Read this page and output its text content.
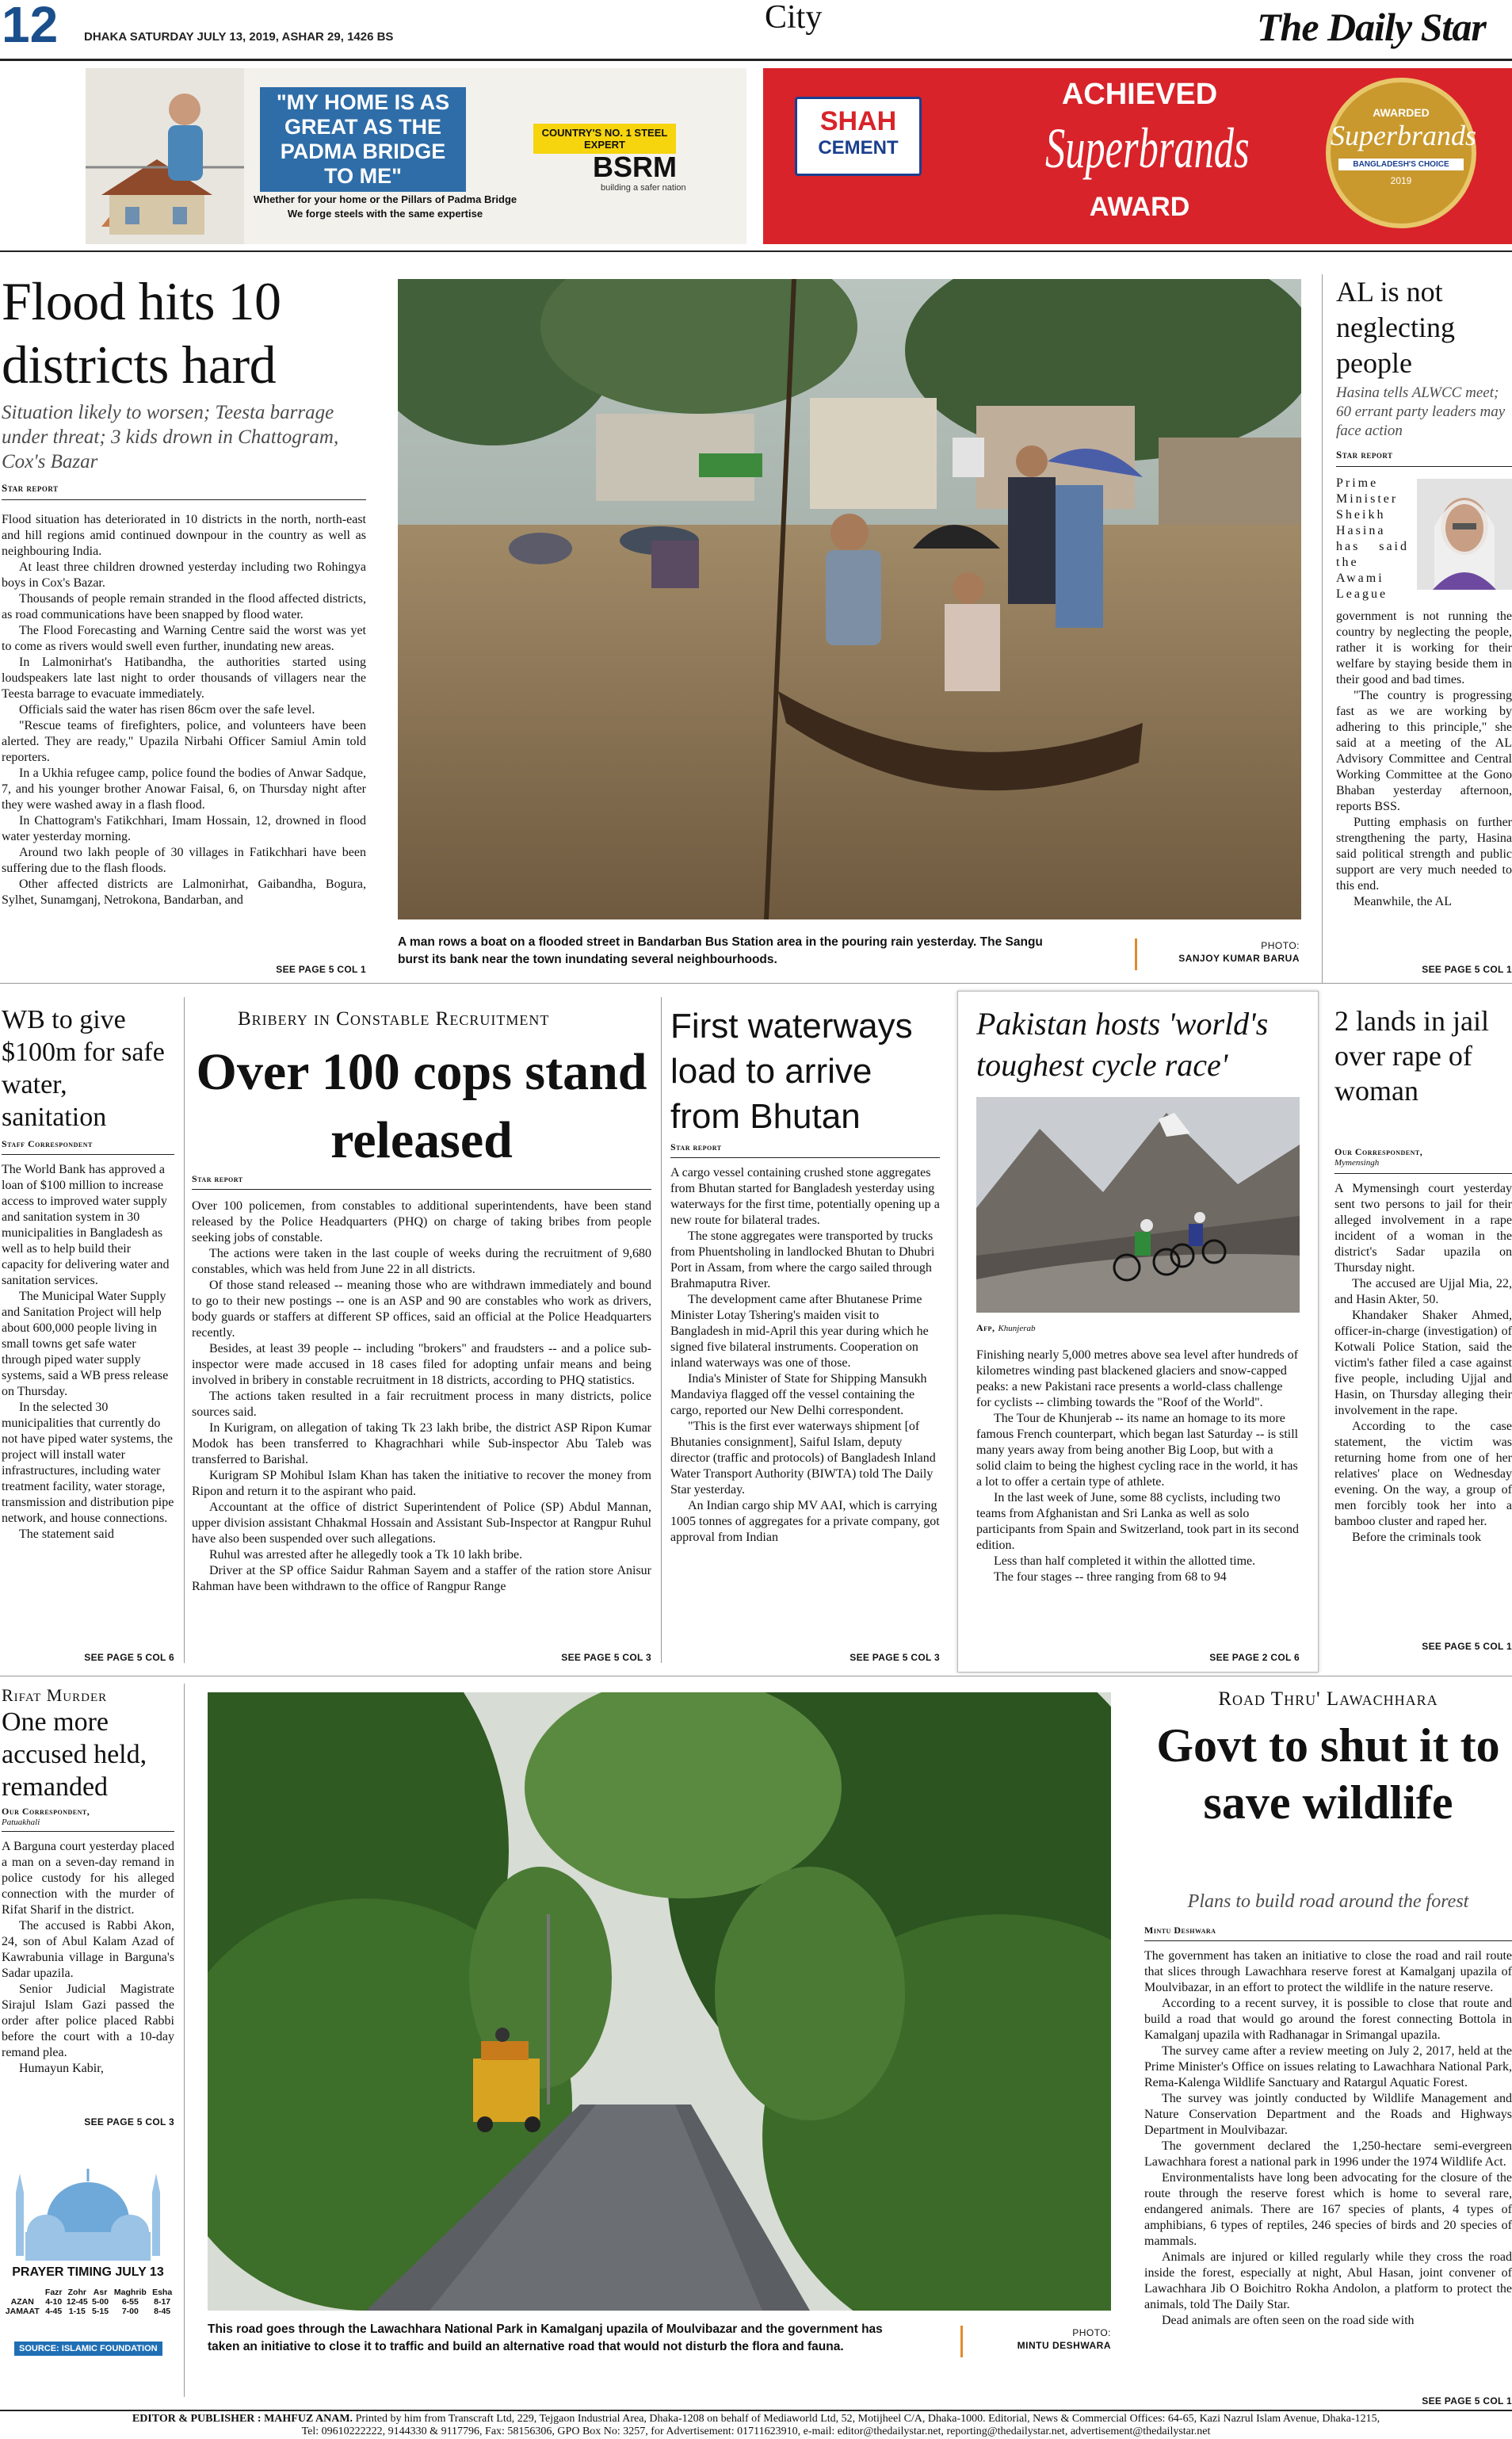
12 DHAKA SATURDAY JULY 13, 2019, ASHAR 29, 1426 BS
City	The Daily Star
"MY HOME IS AS GREAT AS THE PADMA BRIDGE TO ME"
COUNTRY'S NO. 1 STEEL EXPERT
BSRM
building a safer nation
Whether for your home or the Pillars of Padma Bridge
We forge steels with the same expertise
SHAH
CEMENT
ACHIEVED
Superbrands
AWARD
AWARDED
Superbrands
BANGLADESH'S CHOICE
2019
Flood hits 10 districts hard
Situation likely to worsen; Teesta barrage under threat; 3 kids drown in Chattogram, Cox's Bazar
Star report

Flood situation has deteriorated in 10 districts in the north, north-east and hill regions amid continued downpour in the country as well as neighbouring India.

At least three children drowned yesterday including two Rohingya boys in Cox's Bazar.

Thousands of people remain stranded in the flood affected districts, as road communications have been snapped by flood water.

The Flood Forecasting and Warning Centre said the worst was yet to come as rivers would swell even further, inundating new areas.

In Lalmonirhat's Hatibandha, the authorities started using loudspeakers late last night to order thousands of villagers near the Teesta barrage to evacuate immediately.

Officials said the water has risen 86cm over the safe level.

"Rescue teams of firefighters, police, and volunteers have been alerted. They are ready," Upazila Nirbahi Officer Samiul Amin told reporters.

In a Ukhia refugee camp, police found the bodies of Anwar Sadque, 7, and his younger brother Anowar Faisal, 6, on Thursday night after they were washed away in a flash flood.

In Chattogram's Fatikchhari, Imam Hossain, 12, drowned in flood water yesterday morning.

Around two lakh people of 30 villages in Fatikchhari have been suffering due to the flash floods.

Other affected districts are Lalmonirhat, Gaibandha, Bogura, Sylhet, Sunamganj, Netrokona, Bandarban, and

SEE PAGE 5 COL 1
A man rows a boat on a flooded street in Bandarban Bus Station area in the pouring rain yesterday. The Sangu burst its bank near the town inundating several neighbourhoods.
PHOTO:
SANJOY KUMAR BARUA
AL is not neglecting people
Hasina tells ALWCC meet; 60 errant party leaders may face action
Star report
Prime Minister Sheikh Hasina has said the Awami League

government is not running the country by neglecting the people, rather it is working for their welfare by staying beside them in their good and bad times.

"The country is progressing fast as we are working by adhering to this principle," she said at a meeting of the AL Advisory Committee and Central Working Committee at the Gono Bhaban yesterday afternoon, reports BSS.

Putting emphasis on further strengthening the party, Hasina said political strength and public support are very much needed to this end.

Meanwhile, the AL

SEE PAGE 5 COL 1
WB to give $100m for safe water, sanitation
Staff Correspondent

The World Bank has approved a loan of $100 million to increase access to improved water supply and sanitation system in 30 municipalities in Bangladesh as well as to help build their capacity for delivering water and sanitation services.

The Municipal Water Supply and Sanitation Project will help about 600,000 people living in small towns get safe water through piped water supply systems, said a WB press release on Thursday.

In the selected 30 municipalities that currently do not have piped water systems, the project will install water infrastructures, including water treatment facility, water storage, transmission and distribution pipe network, and house connections.

The statement said

SEE PAGE 5 COL 6
Bribery in Constable Recruitment
Over 100 cops stand released
Star report

Over 100 policemen, from constables to additional superintendents, have been stand released by the Police Headquarters (PHQ) on charge of taking bribes from people seeking jobs of constable.

The actions were taken in the last couple of weeks during the recruitment of 9,680 constables, which was held from June 22 in all districts.

Of those stand released -- meaning those who are withdrawn immediately and bound to go to their new postings -- one is an ASP and 90 are constables who work as drivers, body guards or staffers at different SP offices, said an official at the Police Headquarters recently.

Besides, at least 39 people -- including "brokers" and fraudsters -- and a police sub-inspector were made accused in 18 cases filed for adopting unfair means and being involved in bribery in constable recruitment in 18 districts, according to PHQ statistics.

The actions taken resulted in a fair recruitment process in many districts, police sources said.

In Kurigram, on allegation of taking Tk 23 lakh bribe, the district ASP Ripon Kumar Modok has been transferred to Khagrachhari while Sub-inspector Abu Taleb was transferred to Barishal.

Kurigram SP Mohibul Islam Khan has taken the initiative to recover the money from Ripon and return it to the aspirant who paid.

Accountant at the office of district Superintendent of Police (SP) Abdul Mannan, upper division assistant Chhakmal Hossain and Assistant Sub-Inspector at Rangpur Ruhul have also been suspended over such allegations.

Ruhul was arrested after he allegedly took a Tk 10 lakh bribe.

Driver at the SP office Saidur Rahman Sayem and a staffer of the ration store Anisur Rahman have been withdrawn to the office of Rangpur Range

SEE PAGE 5 COL 3
First waterways load to arrive from Bhutan
Star report

A cargo vessel containing crushed stone aggregates from Bhutan started for Bangladesh yesterday using waterways for the first time, potentially opening up a new route for bilateral trades.

The stone aggregates were transported by trucks from Phuentsholing in landlocked Bhutan to Dhubri Port in Assam, from where the cargo sailed through Brahmaputra River.

The development came after Bhutanese Prime Minister Lotay Tshering's maiden visit to Bangladesh in mid-April this year during which he signed five bilateral instruments. Cooperation on inland waterways was one of those.

India's Minister of State for Shipping Mansukh Mandaviya flagged off the vessel containing the cargo, reported our New Delhi correspondent.

"This is the first ever waterways shipment [of Bhutanies consignment], Saiful Islam, deputy director (traffic and protocols) of Bangladesh Inland Water Transport Authority (BIWTA) told The Daily Star yesterday.

An Indian cargo ship MV AAI, which is carrying 1005 tonnes of aggregates for a private company, got approval from Indian

SEE PAGE 5 COL 3
Pakistan hosts 'world's toughest cycle race'
Afp, Khunjerab

Finishing nearly 5,000 metres above sea level after hundreds of kilometres winding past blackened glaciers and snow-capped peaks: a new Pakistani race presents a world-class challenge for cyclists -- climbing towards the "Roof of the World".

The Tour de Khunjerab -- its name an homage to its more famous French counterpart, which began last Saturday -- is still many years away from being another Big Loop, but with a solid claim to being the highest cycling race in the world, it has a lot to offer a certain type of athlete.

In the last week of June, some 88 cyclists, including two teams from Afghanistan and Sri Lanka as well as solo participants from Spain and Switzerland, took part in its second edition.

Less than half completed it within the allotted time.

The four stages -- three ranging from 68 to 94

SEE PAGE 2 COL 6
2 lands in jail over rape of woman
Our Correspondent,
Mymensingh

A Mymensingh court yesterday sent two persons to jail for their alleged involvement in a rape incident of a woman in the district's Sadar upazila on Thursday night.

The accused are Ujjal Mia, 22, and Hasin Akter, 50.

Khandaker Shaker Ahmed, officer-in-charge (investigation) of Kotwali Police Station, said the victim's father filed a case against five people, including Ujjal and Hasin, on Thursday alleging their involvement in the rape.

According to the case statement, the victim was returning home from one of her relatives' place on Wednesday evening. On the way, a group of men forcibly took her into a bamboo cluster and raped her.

Before the criminals took

SEE PAGE 5 COL 1
Rifat Murder
One more accused held, remanded
Our Correspondent,
Patuakhali

A Barguna court yesterday placed a man on a seven-day remand in police custody for his alleged connection with the murder of Rifat Sharif in the district.

The accused is Rabbi Akon, 24, son of Abul Kalam Azad of Kawrabunia village in Barguna's Sadar upazila.

Senior Judicial Magistrate Sirajul Islam Gazi passed the order after police placed Rabbi before the court with a 10-day remand plea.

Humayun Kabir,

SEE PAGE 5 COL 3
PRAYER TIMING JULY 13
	Fazr	Zohr	Asr	Maghrib	Esha
AZAN	4-10	12-45	5-00	6-55	8-17
JAMAAT	4-45	1-15	5-15	7-00	8-45
SOURCE: ISLAMIC FOUNDATION
This road goes through the Lawachhara National Park in Kamalganj upazila of Moulvibazar and the government has taken an initiative to close it to traffic and build an alternative road that would not disturb the flora and fauna.
PHOTO:
MINTU DESHWARA
Road Thru' Lawachhara
Govt to shut it to save wildlife
Plans to build road around the forest
Mintu Deshwara

The government has taken an initiative to close the road and rail route that slices through Lawachhara reserve forest at Kamalganj upazila of Moulvibazar, in an effort to protect the wildlife in the nature reserve.

According to a recent survey, it is possible to close that route and build a road that would go around the forest connecting Bottola in Kamalganj upazila with Radhanagar in Srimangal upazila.

The survey came after a review meeting on July 2, 2017, held at the Prime Minister's Office on issues relating to Lawachhara National Park, Rema-Kalenga Wildlife Sanctuary and Ratargul Aquatic Forest.

The survey was jointly conducted by Wildlife Management and Nature Conservation Department and the Roads and Highways Department in Moulvibazar.

The government declared the 1,250-hectare semi-evergreen Lawachhara forest a national park in 1996 under the 1974 Wildlife Act.

Environmentalists have long been advocating for the closure of the route through the reserve forest which is home to several rare, endangered animals. There are 167 species of plants, 4 types of amphibians, 6 types of reptiles, 246 species of birds and 20 species of mammals.

Animals are injured or killed regularly while they cross the road inside the forest, especially at night, Abul Hasan, joint convener of Lawachhara Jib O Boichitro Rokha Andolon, a platform to protect the animals, told The Daily Star.

Dead animals are often seen on the road side with

SEE PAGE 5 COL 1
EDITOR & PUBLISHER : MAHFUZ ANAM. Printed by him from Transcraft Ltd, 229, Tejgaon Industrial Area, Dhaka-1208 on behalf of Mediaworld Ltd, 52, Motijheel C/A, Dhaka-1000. Editorial, News & Commercial Offices: 64-65, Kazi Nazrul Islam Avenue, Dhaka-1215,
Tel: 09610222222, 9144330 & 9117796, Fax: 58156306, GPO Box No: 3257, for Advertisement: 01711623910, e-mail: editor@thedailystar.net, reporting@thedailystar.net, advertisement@thedailystar.net
